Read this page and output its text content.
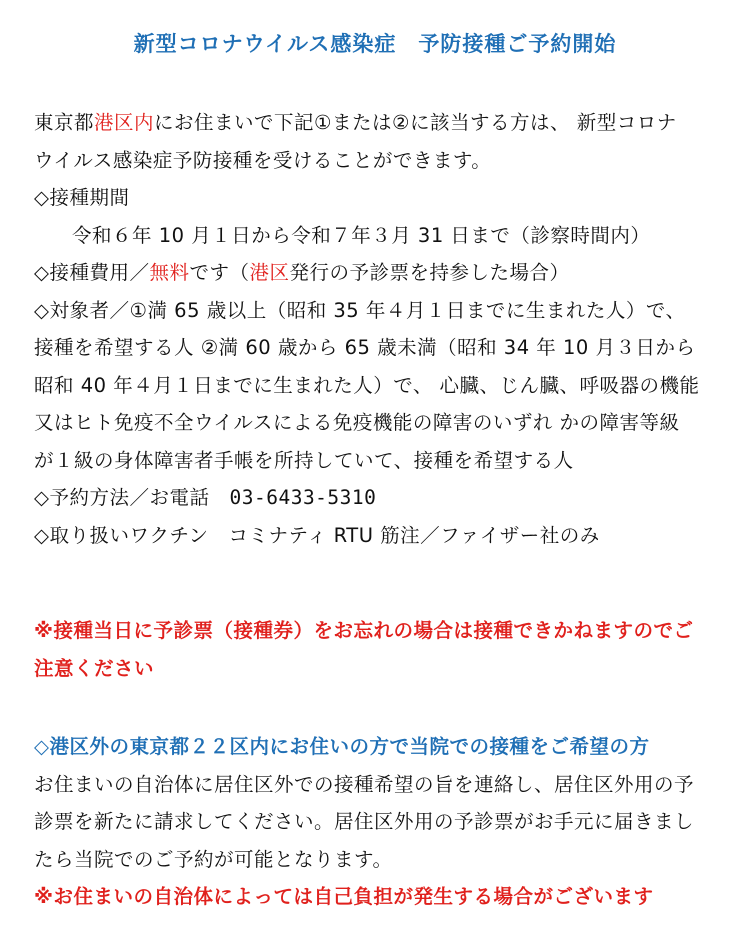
新型コロナウイルス感染症　予防接種ご予約開始
東京都港区内にお住まいで下記①または②に該当する方は、 新型コロナ
ウイルス感染症予防接種を受けることができます。
◇接種期間
令和６年 10 月１日から令和７年３月 31 日まで（診察時間内）
◇接種費用／無料です（港区発行の予診票を持参した場合）
◇対象者／①満 65 歳以上（昭和 35 年４月１日までに生まれた人）で、
接種を希望する人 ②満 60 歳から 65 歳未満（昭和 34 年 10 月３日から
昭和 40 年４月１日までに生まれた人）で、 心臓、じん臓、呼吸器の機能
又はヒト免疫不全ウイルスによる免疫機能の障害のいずれ かの障害等級
が１級の身体障害者手帳を所持していて、接種を希望する人
◇予約方法／お電話　03-6433-5310
◇取り扱いワクチン　コミナティ RTU 筋注／ファイザー社のみ
※接種当日に予診票（接種券）をお忘れの場合は接種できかねますのでご
注意ください
◇港区外の東京都２２区内にお住いの方で当院での接種をご希望の方
お住まいの自治体に居住区外での接種希望の旨を連絡し、居住区外用の予
診票を新たに請求してください。居住区外用の予診票がお手元に届きまし
たら当院でのご予約が可能となります。
※お住まいの自治体によっては自己負担が発生する場合がございます
